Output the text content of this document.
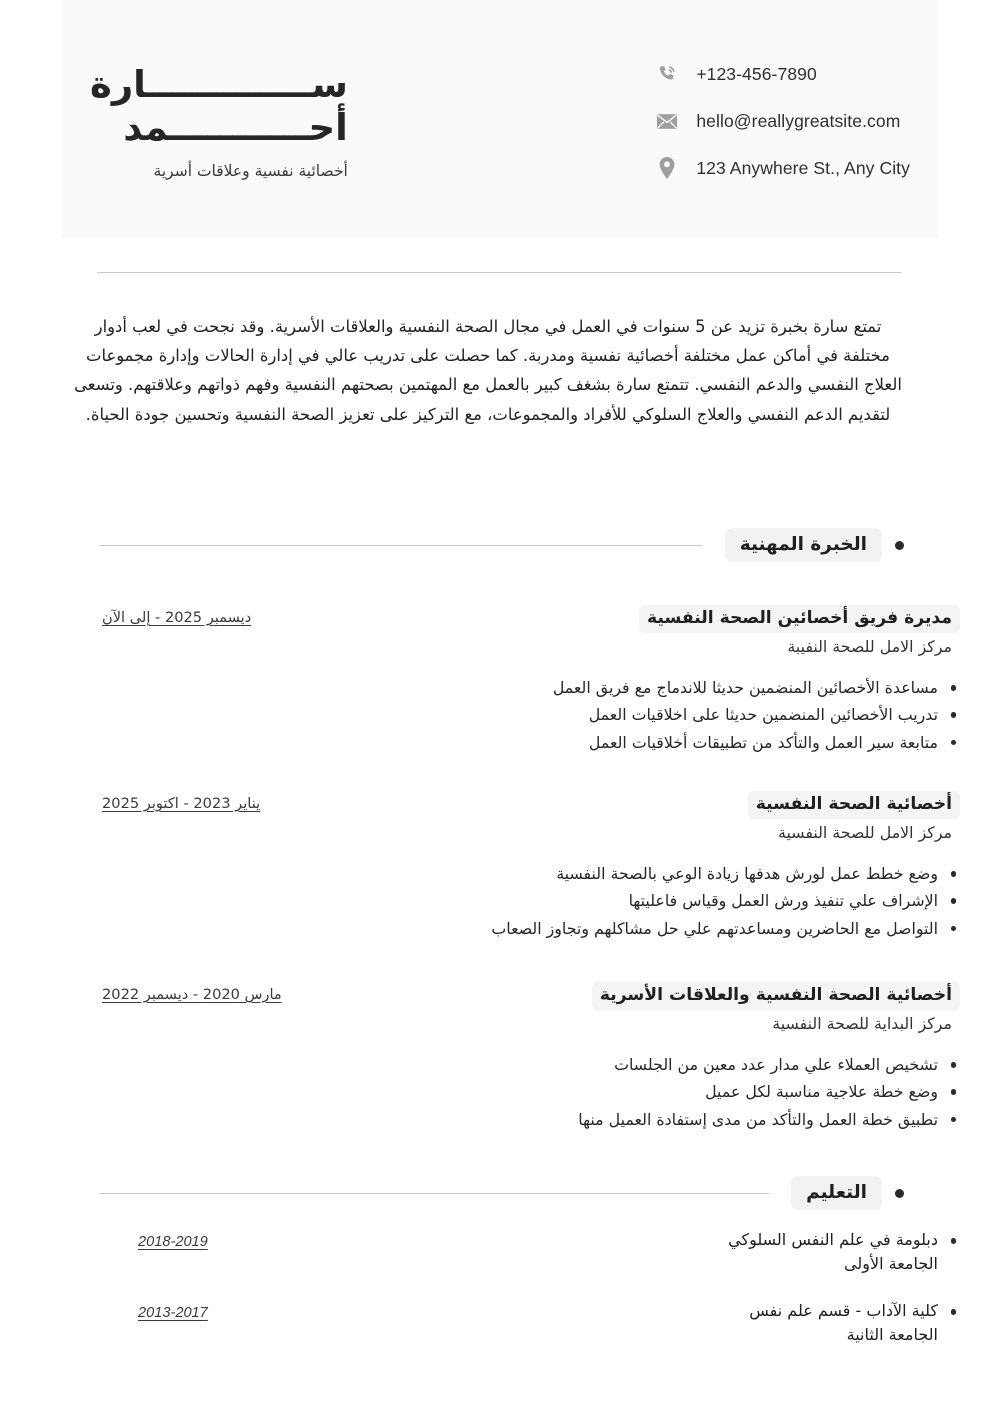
ســـــــــــــارة
أحـــــــــــمد
أخصائية نفسية وعلاقات أسرية
+123-456-7890
hello@reallygreatsite.com
123 Anywhere St., Any City
تمتع سارة بخبرة تزيد عن 5 سنوات في العمل في مجال الصحة النفسية والعلاقات الأسرية. وقد نجحت في لعب أدوار مختلفة في أماكن عمل مختلفة أخصائية نفسية ومدربة. كما حصلت على تدريب عالي في إدارة الحالات وإدارة مجموعات العلاج النفسي والدعم النفسي. تتمتع سارة بشغف كبير بالعمل مع المهتمين بصحتهم النفسية وفهم ذواتهم وعلاقتهم. وتسعى لتقديم الدعم النفسي والعلاج السلوكي للأفراد والمجموعات، مع التركيز على تعزيز الصحة النفسية وتحسين جودة الحياة.
الخبرة المهنية
ديسمبر 2025 - إلى الآن	مديرة فريق أخصائين الصحة النفسية
مركز الامل للصحة النفيبة
مساعدة الأخصائين المنضمين حديثا للاندماج مع فريق العمل
تدريب الأخصائين المنضمين حديثا على اخلاقيات العمل
متابعة سير العمل والتأكد من تطبيقات أخلاقيات العمل
يناير 2023 - اكتوبر 2025	أخصائية الصحة النفسية
مركز الامل للصحة النفسية
وضع خطط عمل لورش هدفها زيادة الوعي بالصحة النفسية
الإشراف علي تنفيذ ورش العمل وقياس فاعليتها
التواصل مع الحاضرين ومساعدتهم علي حل مشاكلهم وتجاوز الصعاب
مارس 2020 - ديسمبر 2022	أخصائية الصحة النفسية والعلاقات الأسرية
مركز البداية للصحة النفسية
تشخيص العملاء علي مدار عدد معين من الجلسات
وضع خطة علاجية مناسبة لكل عميل
تطبيق خطة العمل والتأكد من مدى إستفادة العميل منها
التعليم
2018-2019	دبلومة في علم النفس السلوكي
الجامعة الأولى
2013-2017	كلية الآداب - قسم علم نفس
الجامعة الثانية
